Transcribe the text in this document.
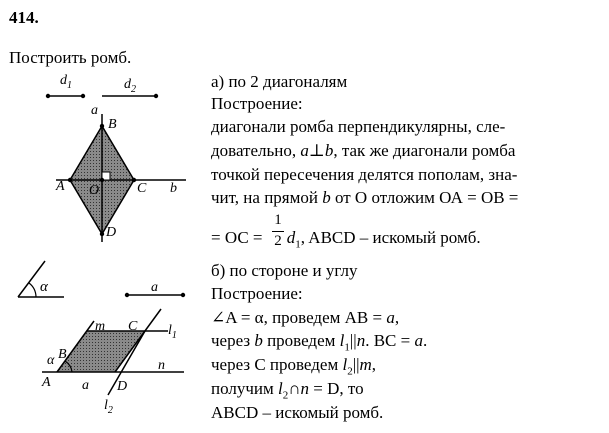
414.
Построить ромб.
а) по 2 диагоналям
Построение:
диагонали ромба перпендикулярны, сле-
довательно, a⊥b, так же диагонали ромба
точкой пересечения делятся пополам, зна-
чит, на прямой b от О отложим ОА = ОВ =
= ОС = $d_1$, ABCD – искомый ромб.
1
2
б) по стороне и углу
Построение:
∠A = α, проведем AB = a,
через b проведем $l_1||n$. BC = a.
через С проведем $l_2||m$,
получим $l_2\cap n = D$, то
ABCD – искомый ромб.
$d_1$	$d_2$
a
B
A O	C b
D
α	a
B
m C $l_1$
α
A a D
n
$l_2$
